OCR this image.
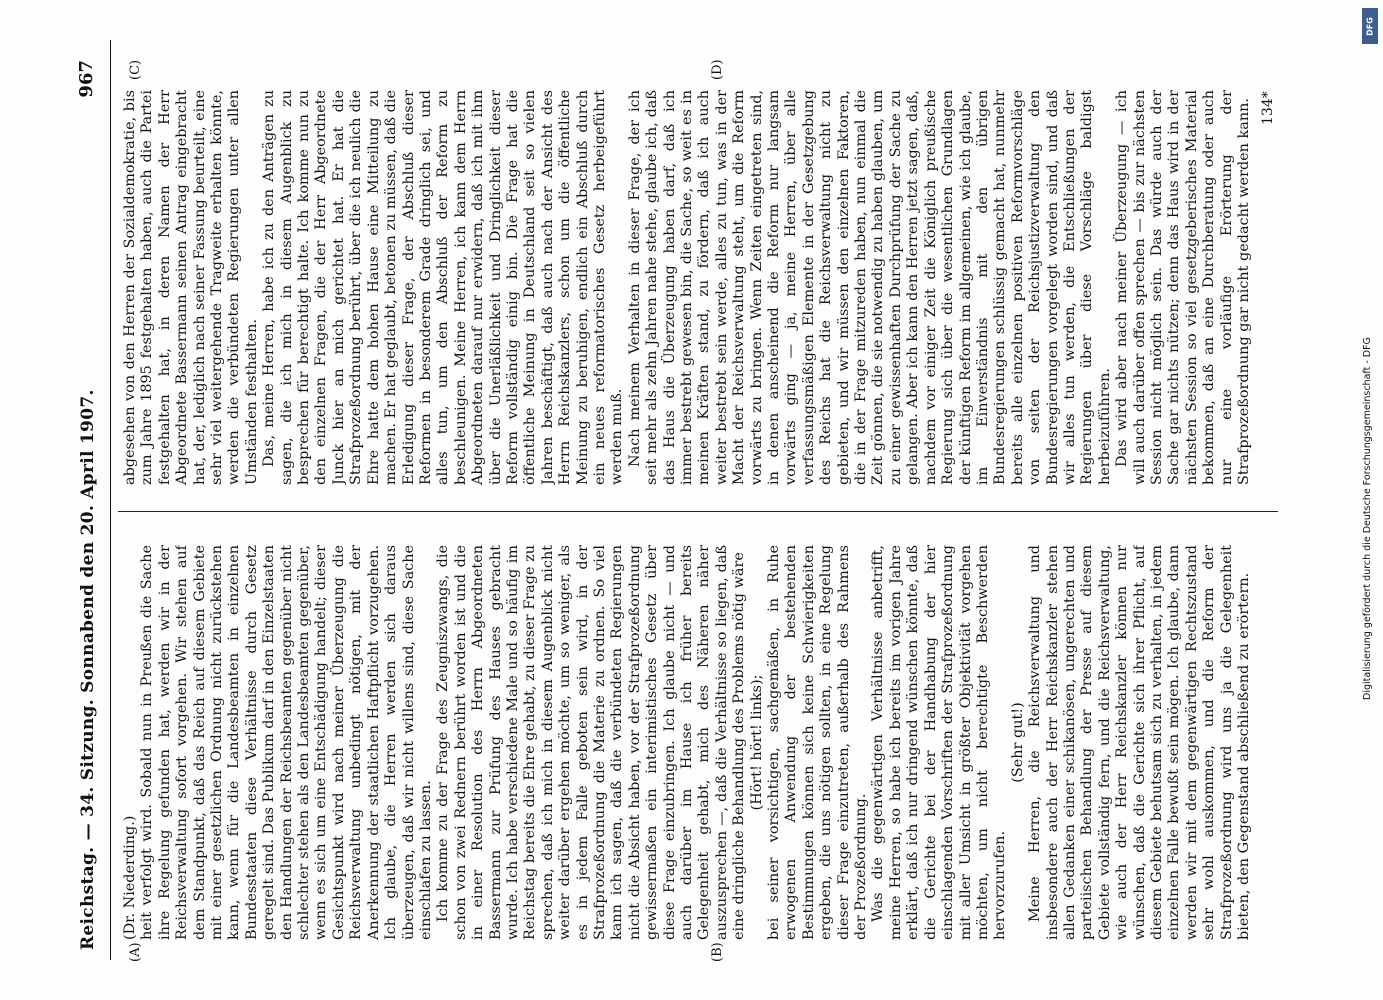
Reichstag. — 34. Sitzung. Sonnabend den 20. April 1907.
967
(A)	(B)
(C)	(D)

(Dr. Niederding.) heit verfolgt wird. Sobald nun in Preußen die Sache ihre Regelung gefunden hat, werden wir in der Reichsverwaltung sofort vorgehen. Wir stehen auf dem Standpunkt, daß das Reich auf diesem Gebiete mit einer gesetzlichen Ordnung nicht zurückstehen kann, wenn für die Landesbeamten in einzelnen Bundesstaaten diese Verhältnisse durch Gesetz geregelt sind. Das Publikum darf in den Einzelstaaten den Handlungen der Reichsbeamten gegenüber nicht schlechter stehen als den Landesbeamten gegenüber, wenn es sich um eine Entschädigung handelt; dieser Gesichtspunkt wird nach meiner Überzeugung die Reichsverwaltung unbedingt nötigen, mit der Anerkennung der staatlichen Haftpflicht vorzugehen. Ich glaube, die Herren werden sich daraus überzeugen, daß wir nicht willens sind, diese Sache einschlafen zu lassen. Ich komme zu der Frage des Zeugniszwangs, die schon von zwei Rednern berührt worden ist und die in einer Resolution des Herrn Abgeordneten Bassermann zur Prüfung des Hauses gebracht wurde. Ich habe verschiedene Male und so häufig im Reichstag bereits die Ehre gehabt, zu dieser Frage zu sprechen, daß ich mich in diesem Augenblick nicht weiter darüber ergehen möchte, um so weniger, als es in jedem Falle geboten sein wird, in der Strafprozeßordnung die Materie zu ordnen. So viel kann ich sagen, daß die verbündeten Regierungen nicht die Absicht haben, vor der Strafprozeßordnung gewissermaßen ein interimistisches Gesetz über diese Frage einzubringen. Ich glaube nicht — und auch darüber im Hause ich früher bereits Gelegenheit gehabt, mich des Näheren näher auszusprechen —, daß die Verhältnisse so liegen, daß eine dringliche Behandlung des Problems nötig wäre (Hört! hört! links); bei seiner vorsichtigen, sachgemäßen, in Ruhe erwogenen Anwendung der bestehenden Bestimmungen können sich keine Schwierigkeiten ergeben, die uns nötigen sollten, in eine Regelung dieser Frage einzutreten, außerhalb des Rahmens der Prozeßordnung. Was die gegenwärtigen Verhältnisse anbetrifft, meine Herren, so habe ich bereits im vorigen Jahre erklärt, daß ich nur dringend wünschen könnte, daß die Gerichte bei der Handhabung der hier einschlagenden Vorschriften der Strafprozeßordnung mit aller Umsicht in größter Objektivität vorgehen möchten, um nicht berechtigte Beschwerden hervorzurufen.

(Sehr gut!) Meine Herren, die Reichsverwaltung und insbesondere auch der Herr Reichskanzler stehen allen Gedanken einer schikanösen, ungerechten und parteiischen Behandlung der Presse auf diesem Gebiete vollständig fern, und die Reichsverwaltung, wie auch der Herr Reichskanzler können nur wünschen, daß die Gerichte sich ihrer Pflicht, auf diesem Gebiete behutsam sich zu verhalten, in jedem einzelnen Falle bewußt sein mögen. Ich glaube, dann werden wir mit dem gegenwärtigen Rechtszustand sehr wohl auskommen, und die Reform der Strafprozeßordnung wird uns ja die Gelegenheit bieten, den Gegenstand abschließend zu erörtern.

abgesehen von den Herren der Sozialdemokratie, bis zum Jahre 1895 festgehalten haben, auch die Partei festgehalten hat, in deren Namen der Herr Abgeordnete Bassermann seinen Antrag eingebracht hat, der, lediglich nach seiner Fassung beurteilt, eine sehr viel weitergehende Tragweite erhalten könnte, werden die verbündeten Regierungen unter allen Umständen festhalten. Das, meine Herren, habe ich zu den Anträgen zu sagen, die ich mich in diesem Augenblick zu besprechen für berechtigt halte. Ich komme nun zu den einzelnen Fragen, die der Herr Abgeordnete Junck hier an mich gerichtet hat. Er hat die Strafprozeßordnung berührt, über die ich neulich die Ehre hatte dem hohen Hause eine Mitteilung zu machen. Er hat geglaubt, betonen zu müssen, daß die Erledigung dieser Frage, der Abschluß dieser Reformen in besonderem Grade dringlich sei, und alles tun, um den Abschluß der Reform zu beschleunigen. Meine Herren, ich kann dem Herrn Abgeordneten darauf nur erwidern, daß ich mit ihm über die Unerläßlichkeit und Dringlichkeit dieser Reform vollständig einig bin. Die Frage hat die öffentliche Meinung in Deutschland seit so vielen Jahren beschäftigt, daß auch nach der Ansicht des Herrn Reichskanzlers, schon um die öffentliche Meinung zu beruhigen, endlich ein Abschluß durch ein neues reformatorisches Gesetz herbeigeführt werden muß. Nach meinem Verhalten in dieser Frage, der ich seit mehr als zehn Jahren nahe stehe, glaube ich, daß das Haus die Überzeugung haben darf, daß ich immer bestrebt gewesen bin, die Sache, so weit es in meinen Kräften stand, zu fördern, daß ich auch weiter bestrebt sein werde, alles zu tun, was in der Macht der Reichsverwaltung steht, um die Reform vorwärts zu bringen. Wenn Zeiten eingetreten sind, in denen anscheinend die Reform nur langsam vorwärts ging — ja, meine Herren, über alle verfassungsmäßigen Elemente in der Gesetzgebung des Reichs hat die Reichsverwaltung nicht zu gebieten, und wir müssen den einzelnen Faktoren, die in der Frage mitzureden haben, nun einmal die Zeit gönnen, die sie notwendig zu haben glauben, um zu einer gewissenhaften Durchprüfung der Sache zu gelangen. Aber ich kann den Herren jetzt sagen, daß, nachdem vor einiger Zeit die Königlich preußische Regierung sich über die wesentlichen Grundlagen der künftigen Reform im allgemeinen, wie ich glaube, im Einverständnis mit den übrigen Bundesregierungen schlüssig gemacht hat, nunmehr bereits alle einzelnen positiven Reformvorschläge von seiten der Reichsjustizverwaltung den Bundesregierungen vorgelegt worden sind, und daß wir alles tun werden, die Entschließungen der Regierungen über diese Vorschläge baldigst herbeizuführen. Das wird aber nach meiner Überzeugung — ich will auch darüber offen sprechen — bis zur nächsten Session nicht möglich sein. Das würde auch der Sache gar nichts nützen; denn das Haus wird in der nächsten Session so viel gesetzgeberisches Material bekommen, daß an eine Durchberatung oder auch nur eine vorläufige Erörterung der Strafprozeßordnung gar nicht gedacht werden kann. 134*
DFG
Digitalisierung gefördert durch die Deutsche Forschungsgemeinschaft - DFG
